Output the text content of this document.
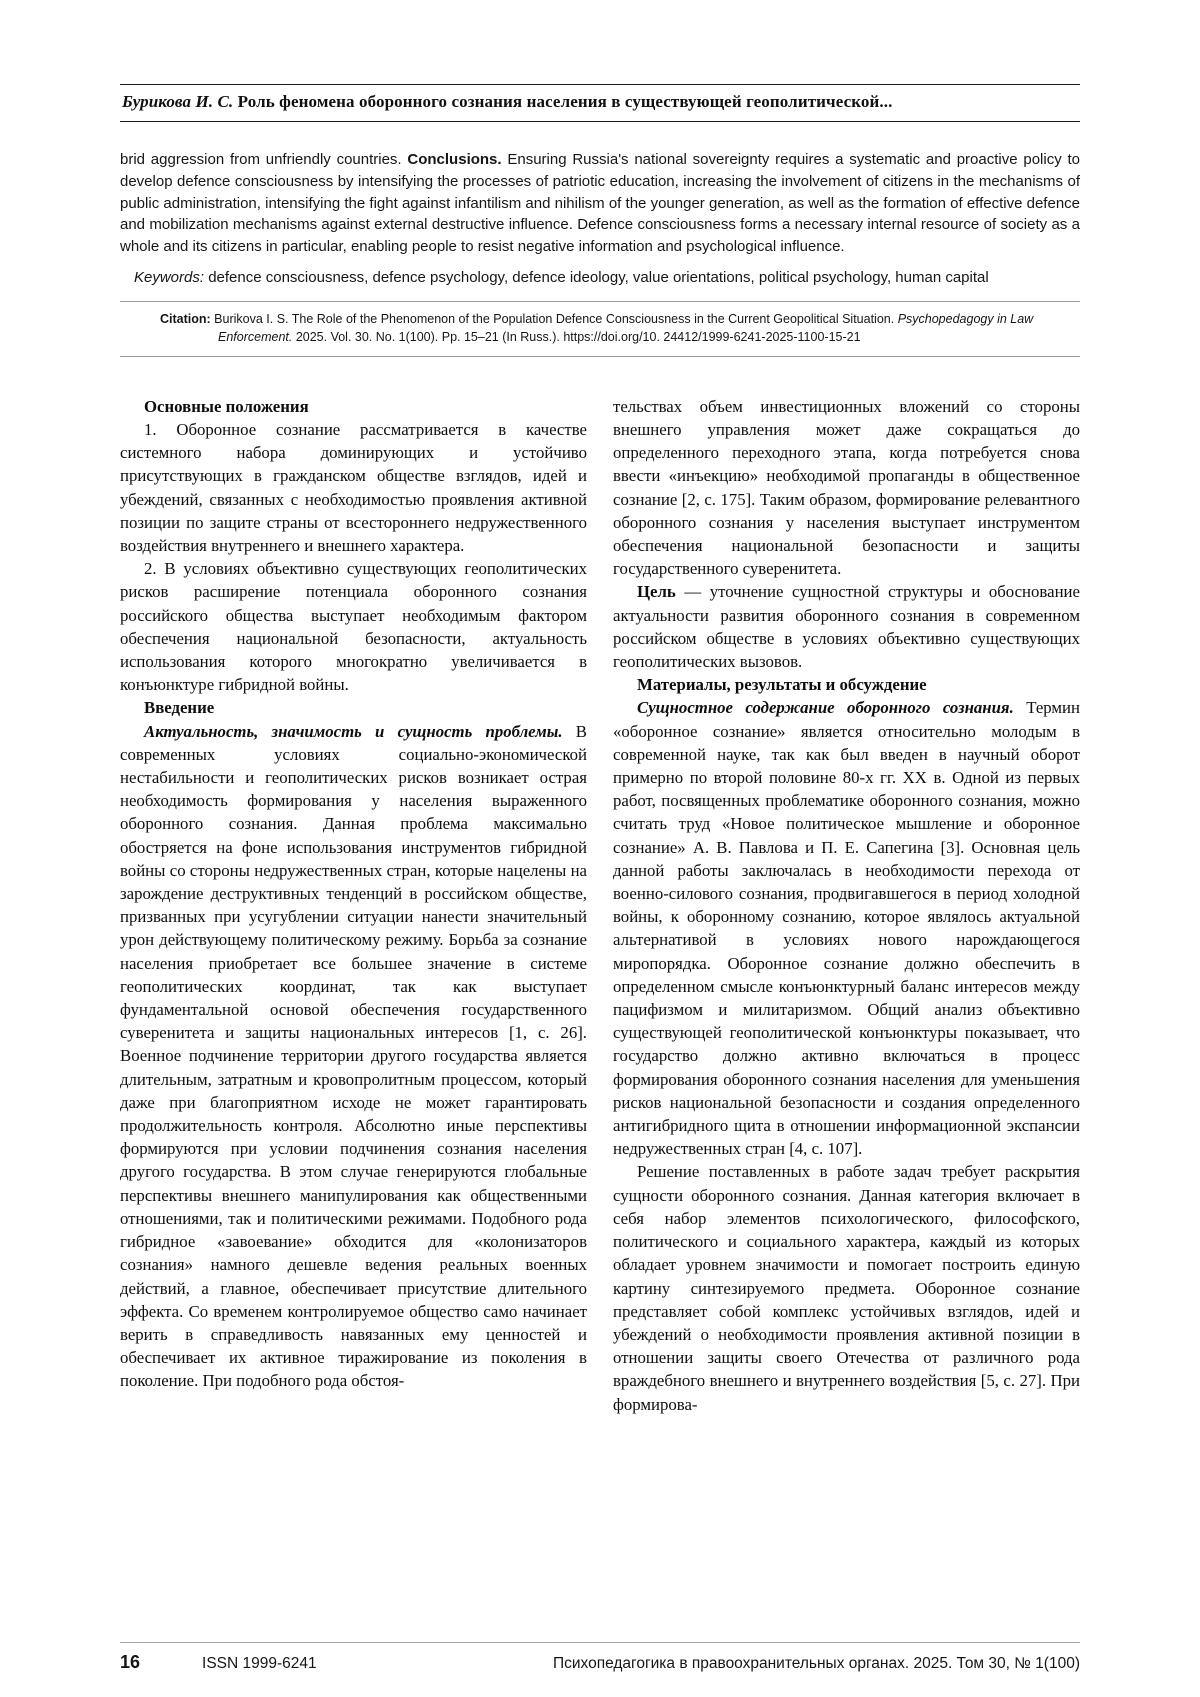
Бурикова И. С. Роль феномена оборонного сознания населения в существующей геополитической...

brid aggression from unfriendly countries. Conclusions. Ensuring Russia's national sovereignty requires a systematic and proactive policy to develop defence consciousness by intensifying the processes of patriotic education, increasing the involvement of citizens in the mechanisms of public administration, intensifying the fight against infantilism and nihilism of the younger generation, as well as the formation of effective defence and mobilization mechanisms against external destructive influence. Defence consciousness forms a necessary internal resource of society as a whole and its citizens in particular, enabling people to resist negative information and psychological influence.

Keywords: defence consciousness, defence psychology, defence ideology, value orientations, political psychology, human capital

Citation: Burikova I. S. The Role of the Phenomenon of the Population Defence Consciousness in the Current Geopolitical Situation. Psychopedagogy in Law Enforcement. 2025. Vol. 30. No. 1(100). Pp. 15–21 (In Russ.). https://doi.org/10. 24412/1999-6241-2025-1100-15-21

Основные положения

1. Оборонное сознание рассматривается в качестве системного набора доминирующих и устойчиво присутствующих в гражданском обществе взглядов, идей и убеждений, связанных с необходимостью проявления активной позиции по защите страны от всестороннего недружественного воздействия внутреннего и внешнего характера.

2. В условиях объективно существующих геополитических рисков расширение потенциала оборонного сознания российского общества выступает необходимым фактором обеспечения национальной безопасности, актуальность использования которого многократно увеличивается в конъюнктуре гибридной войны.

Введение

Актуальность, значимость и сущность проблемы. В современных условиях социально-экономической нестабильности и геополитических рисков возникает острая необходимость формирования у населения выраженного оборонного сознания. Данная проблема максимально обостряется на фоне использования инструментов гибридной войны со стороны недружественных стран, которые нацелены на зарождение деструктивных тенденций в российском обществе, призванных при усугублении ситуации нанести значительный урон действующему политическому режиму. Борьба за сознание населения приобретает все большее значение в системе геополитических координат, так как выступает фундаментальной основой обеспечения государственного суверенитета и защиты национальных интересов [1, с. 26]. Военное подчинение территории другого государства является длительным, затратным и кровопролитным процессом, который даже при благоприятном исходе не может гарантировать продолжительность контроля. Абсолютно иные перспективы формируются при условии подчинения сознания населения другого государства. В этом случае генерируются глобальные перспективы внешнего манипулирования как общественными отношениями, так и политическими режимами. Подобного рода гибридное «завоевание» обходится для «колонизаторов сознания» намного дешевле ведения реальных военных действий, а главное, обеспечивает присутствие длительного эффекта. Со временем контролируемое общество само начинает верить в справедливость навязанных ему ценностей и обеспечивает их активное тиражирование из поколения в поколение. При подобного рода обстоя-

тельствах объем инвестиционных вложений со стороны внешнего управления может даже сокращаться до определенного переходного этапа, когда потребуется снова ввести «инъекцию» необходимой пропаганды в общественное сознание [2, с. 175]. Таким образом, формирование релевантного оборонного сознания у населения выступает инструментом обеспечения национальной безопасности и защиты государственного суверенитета.

Цель — уточнение сущностной структуры и обоснование актуальности развития оборонного сознания в современном российском обществе в условиях объективно существующих геополитических вызовов.

Материалы, результаты и обсуждение

Сущностное содержание оборонного сознания. Термин «оборонное сознание» является относительно молодым в современной науке, так как был введен в научный оборот примерно по второй половине 80-х гг. XX в. Одной из первых работ, посвященных проблематике оборонного сознания, можно считать труд «Новое политическое мышление и оборонное сознание» А. В. Павлова и П. Е. Сапегина [3]. Основная цель данной работы заключалась в необходимости перехода от военно-силового сознания, продвигавшегося в период холодной войны, к оборонному сознанию, которое являлось актуальной альтернативой в условиях нового нарождающегося миропорядка. Оборонное сознание должно обеспечить в определенном смысле конъюнктурный баланс интересов между пацифизмом и милитаризмом. Общий анализ объективно существующей геополитической конъюнктуры показывает, что государство должно активно включаться в процесс формирования оборонного сознания населения для уменьшения рисков национальной безопасности и создания определенного антигибридного щита в отношении информационной экспансии недружественных стран [4, с. 107].

Решение поставленных в работе задач требует раскрытия сущности оборонного сознания. Данная категория включает в себя набор элементов психологического, философского, политического и социального характера, каждый из которых обладает уровнем значимости и помогает построить единую картину синтезируемого предмета. Оборонное сознание представляет собой комплекс устойчивых взглядов, идей и убеждений о необходимости проявления активной позиции в отношении защиты своего Отечества от различного рода враждебного внешнего и внутреннего воздействия [5, с. 27]. При формирова-

16	ISSN 1999-6241	Психопедагогика в правоохранительных органах. 2025. Том 30, № 1(100)
